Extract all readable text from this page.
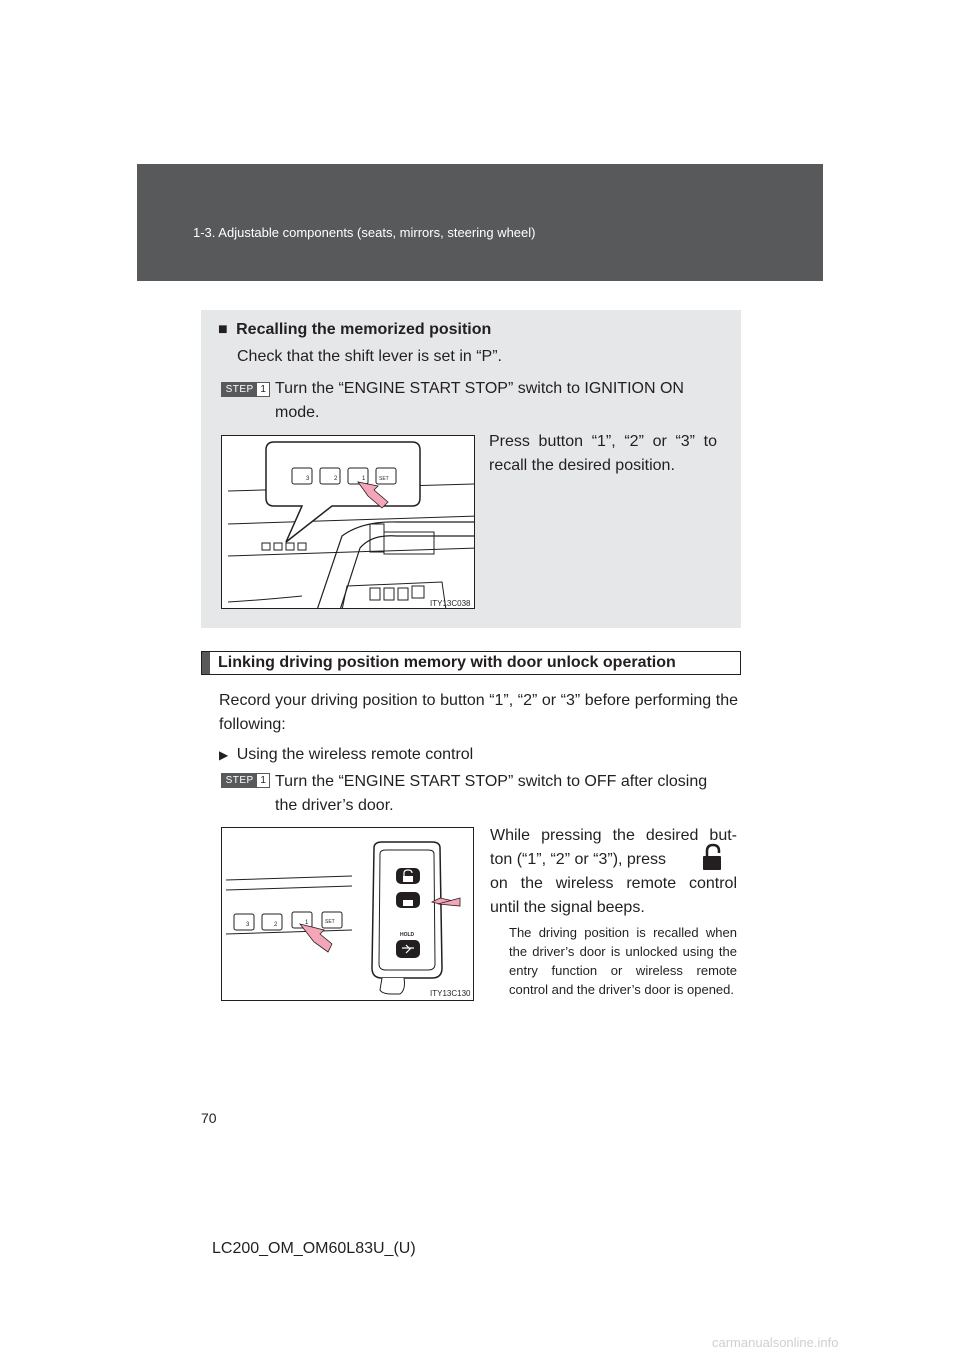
1-3. Adjustable components (seats, mirrors, steering wheel)
■ Recalling the memorized position
Check that the shift lever is set in “P”.
STEP 1 Turn the “ENGINE START STOP” switch to IGNITION ON
mode.
Press button “1”, “2” or “3” to recall the desired position.
3	2	1	SET
ITY13C038
Linking driving position memory with door unlock operation
Record your driving position to button “1”, “2” or “3” before performing the following:
▶ Using the wireless remote control
STEP 1 Turn the “ENGINE START STOP” switch to OFF after closing
the driver’s door.
While pressing the desired but-
ton (“1”, “2” or “3”), press
on the wireless remote control until the signal beeps.
3	2	1	SET
HOLD
ITY13C130
The driving position is recalled when the driver’s door is unlocked using the entry function or wireless remote control and the driver’s door is opened.
70
LC200_OM_OM60L83U_(U)
carmanualsonline.info
